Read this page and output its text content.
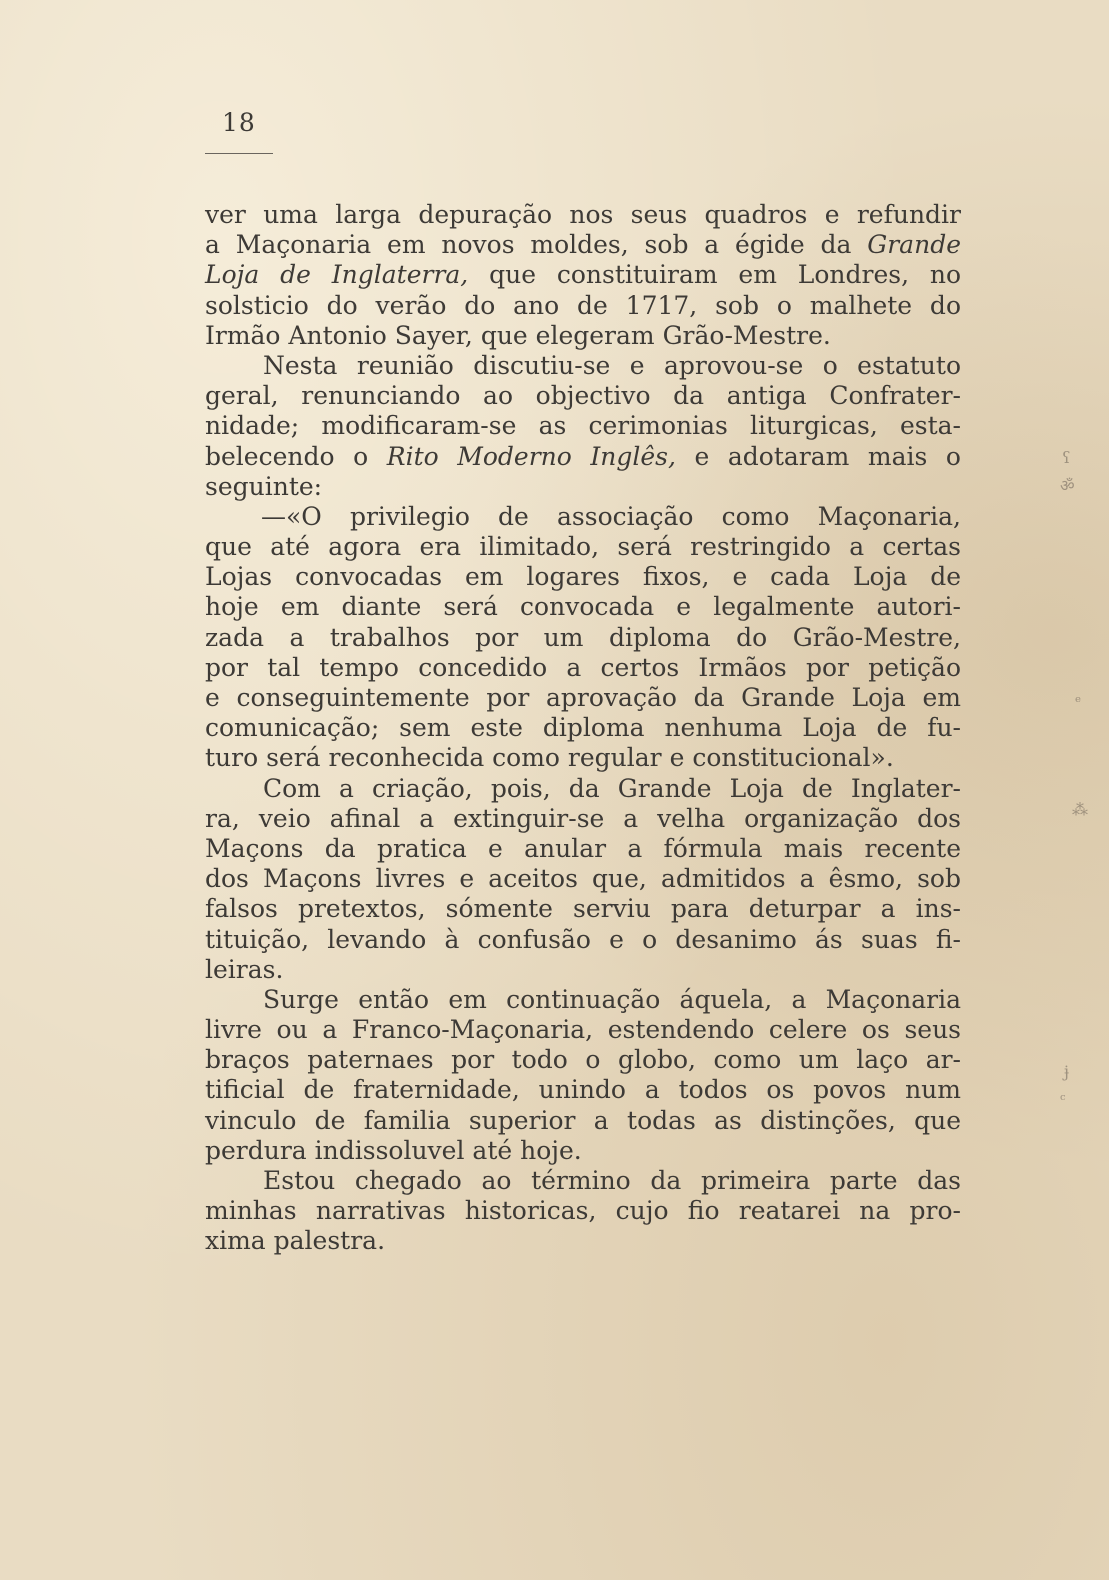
18
ver uma larga depuração nos seus quadros e refundir
a Maçonaria em novos moldes, sob a égide da Grande
Loja de Inglaterra, que constituiram em Londres, no
solsticio do verão do ano de 1717, sob o malhete do
Irmão Antonio Sayer, que elegeram Grão-Mestre.
Nesta reunião discutiu-se e aprovou-se o estatuto
geral, renunciando ao objectivo da antiga Confrater-
nidade; modificaram-se as cerimonias liturgicas, esta-
belecendo o Rito Moderno Inglês, e adotaram mais o
seguinte:
—«O privilegio de associação como Maçonaria,
que até agora era ilimitado, será restringido a certas
Lojas convocadas em logares fixos, e cada Loja de
hoje em diante será convocada e legalmente autori-
zada a trabalhos por um diploma do Grão-Mestre,
por tal tempo concedido a certos Irmãos por petição
e conseguintemente por aprovação da Grande Loja em
comunicação; sem este diploma nenhuma Loja de fu-
turo será reconhecida como regular e constitucional».
Com a criação, pois, da Grande Loja de Inglater-
ra, veio afinal a extinguir-se a velha organização dos
Maçons da pratica e anular a fórmula mais recente
dos Maçons livres e aceitos que, admitidos a êsmo, sob
falsos pretextos, sómente serviu para deturpar a ins-
tituição, levando à confusão e o desanimo ás suas fi-
leiras.
Surge então em continuação áquela, a Maçonaria
livre ou a Franco-Maçonaria, estendendo celere os seus
braços paternaes por todo o globo, como um laço ar-
tificial de fraternidade, unindo a todos os povos num
vinculo de familia superior a todas as distinções, que
perdura indissoluvel até hoje.
Estou chegado ao término da primeira parte das
minhas narrativas historicas, cujo fio reatarei na pro-
xima palestra.
ʕ
ॐ
ᵉ
⁂
ɉ
ᶜ
